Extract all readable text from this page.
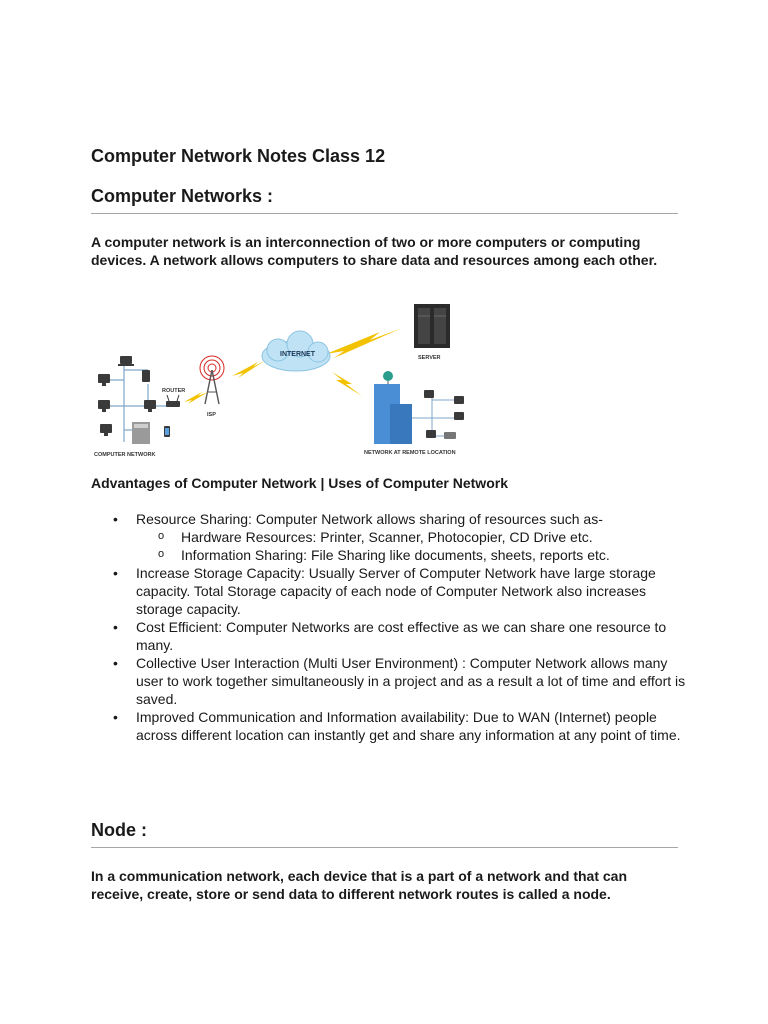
Computer Network Notes Class 12
Computer Networks :

A computer network is an interconnection of two or more computers or computing devices. A network allows computers to share data and resources among each other.

ROUTER
ISP
INTERNET	SERVER
COMPUTER NETWORK	NETWORK AT REMOTE LOCATION
Advantages of Computer Network | Uses of Computer Network
• Resource Sharing: Computer Network allows sharing of resources such as-
o Hardware Resources: Printer, Scanner, Photocopier, CD Drive etc.
o Information Sharing: File Sharing like documents, sheets, reports etc.
• Increase Storage Capacity: Usually Server of Computer Network have large storage capacity. Total Storage capacity of each node of Computer Network also increases storage capacity.
• Cost Efficient: Computer Networks are cost effective as we can share one resource to many.
• Collective User Interaction (Multi User Environment) : Computer Network allows many user to work together simultaneously in a project and as a result a lot of time and effort is saved.
• Improved Communication and Information availability: Due to WAN (Internet) people across different location can instantly get and share any information at any point of time.
Node :

In a communication network, each device that is a part of a network and that can receive, create, store or send data to different network routes is called a node.
